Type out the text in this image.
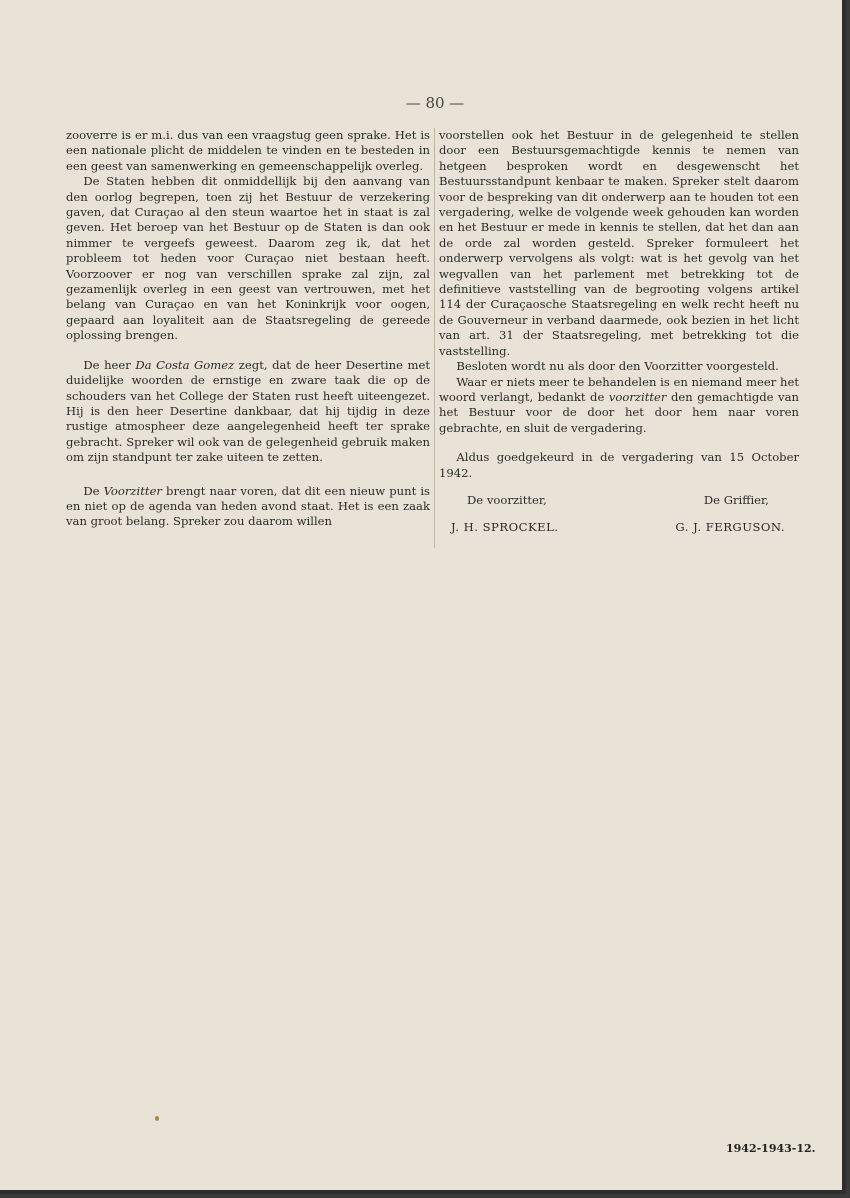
— 80 —

zooverre is er m.i. dus van een vraagstug geen sprake. Het is een nationale plicht de middelen te vinden en te besteden in een geest van samenwerking en gemeenschappelijk overleg.

De Staten hebben dit onmiddellijk bij den aanvang van den oorlog begrepen, toen zij het Bestuur de verzekering gaven, dat Curaçao al den steun waartoe het in staat is zal geven. Het beroep van het Bestuur op de Staten is dan ook nimmer te vergeefs geweest. Daarom zeg ik, dat het probleem tot heden voor Curaçao niet bestaan heeft. Voorzoover er nog van verschillen sprake zal zijn, zal gezamenlijk overleg in een geest van vertrouwen, met het belang van Curaçao en van het Koninkrijk voor oogen, gepaard aan loyaliteit aan de Staatsregeling de gereede oplossing brengen.

De heer Da Costa Gomez zegt, dat de heer Desertine met duidelijke woorden de ernstige en zware taak die op de schouders van het College der Staten rust heeft uiteengezet. Hij is den heer Desertine dankbaar, dat hij tijdig in deze rustige atmospheer deze aangelegenheid heeft ter sprake gebracht. Spreker wil ook van de gelegenheid gebruik maken om zijn standpunt ter zake uiteen te zetten.

De Voorzitter brengt naar voren, dat dit een nieuw punt is en niet op de agenda van heden avond staat. Het is een zaak van groot belang. Spreker zou daarom willen

voorstellen ook het Bestuur in de gelegenheid te stellen door een Bestuursgemachtigde kennis te nemen van hetgeen besproken wordt en desgewenscht het Bestuursstandpunt kenbaar te maken. Spreker stelt daarom voor de bespreking van dit onderwerp aan te houden tot een vergadering, welke de volgende week gehouden kan worden en het Bestuur er mede in kennis te stellen, dat het dan aan de orde zal worden gesteld. Spreker formuleert het onderwerp vervolgens als volgt: wat is het gevolg van het wegvallen van het parlement met betrekking tot de definitieve vaststelling van de begrooting volgens artikel 114 der Curaçaosche Staatsregeling en welk recht heeft nu de Gouverneur in verband daarmede, ook bezien in het licht van art. 31 der Staatsregeling, met betrekking tot die vaststelling.

Besloten wordt nu als door den Voorzitter voorgesteld.

Waar er niets meer te behandelen is en niemand meer het woord verlangt, bedankt de voorzitter den gemachtigde van het Bestuur voor de door het door hem naar voren gebrachte, en sluit de vergadering.

Aldus goedgekeurd in de vergadering van 15 October 1942.

De voorzitter,	De Griffier,
J. H. SPROCKEL.	G. J. FERGUSON.
1942-1943-12.
